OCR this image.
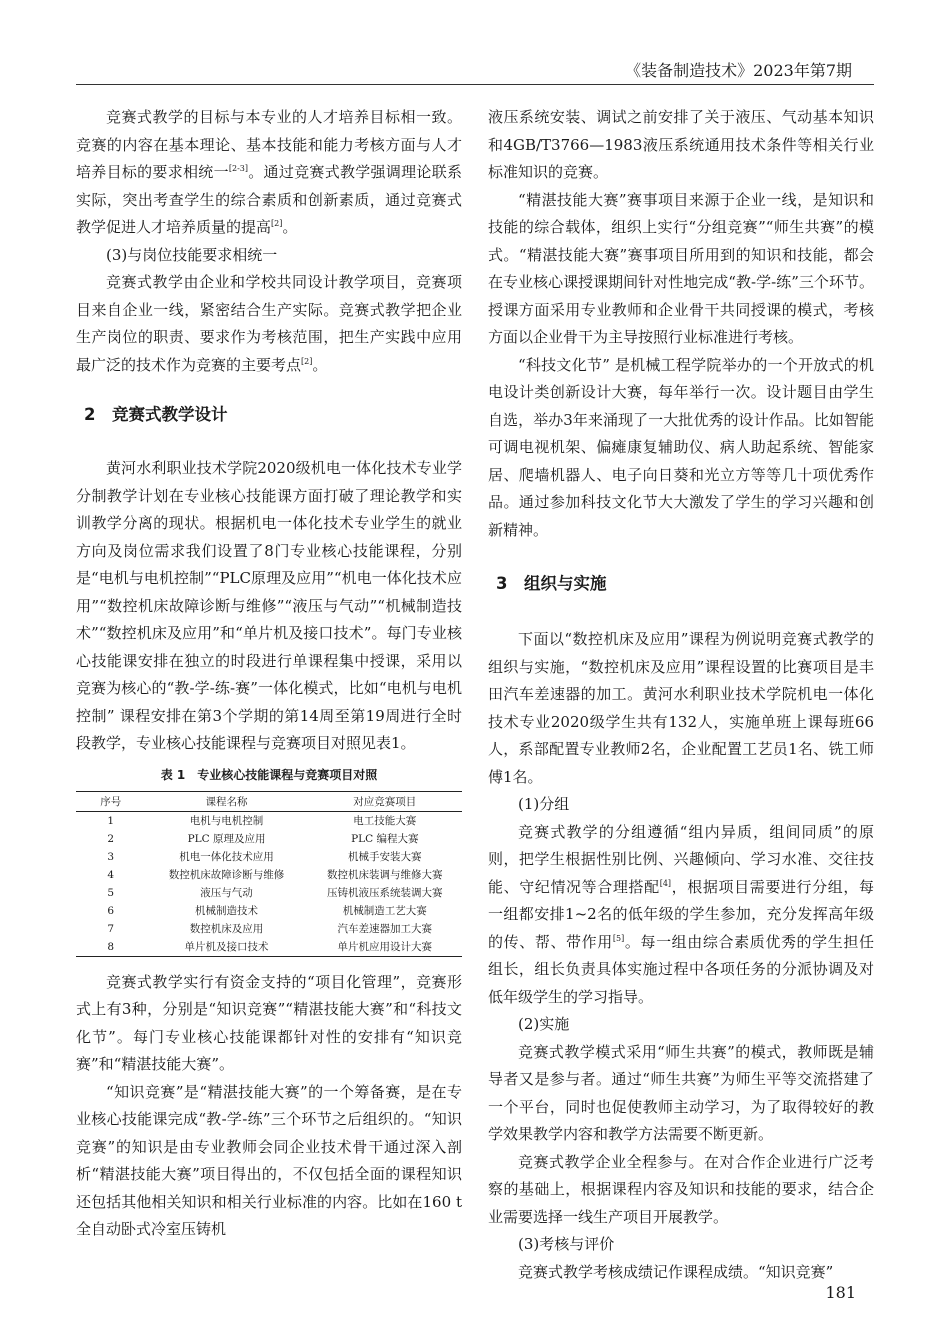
《装备制造技术》2023年第7期

竞赛式教学的目标与本专业的人才培养目标相一致。竞赛的内容在基本理论、基本技能和能力考核方面与人才培养目标的要求相统一[2-3]。通过竞赛式教学强调理论联系实际，突出考查学生的综合素质和创新素质，通过竞赛式教学促进人才培养质量的提高[2]。

(3)与岗位技能要求相统一

竞赛式教学由企业和学校共同设计教学项目，竞赛项目来自企业一线，紧密结合生产实际。竞赛式教学把企业生产岗位的职责、要求作为考核范围，把生产实践中应用最广泛的技术作为竞赛的主要考点[2]。

2　竞赛式教学设计

黄河水利职业技术学院2020级机电一体化技术专业学分制教学计划在专业核心技能课方面打破了理论教学和实训教学分离的现状。根据机电一体化技术专业学生的就业方向及岗位需求我们设置了8门专业核心技能课程，分别是“电机与电机控制”“PLC原理及应用”“机电一体化技术应用”“数控机床故障诊断与维修”“液压与气动”“机械制造技术”“数控机床及应用”和“单片机及接口技术”。每门专业核心技能课安排在独立的时段进行单课程集中授课，采用以竞赛为核心的“教-学-练-赛”一体化模式，比如“电机与电机控制” 课程安排在第3个学期的第14周至第19周进行全时段教学，专业核心技能课程与竞赛项目对照见表1。

表 1　专业核心技能课程与竞赛项目对照
序号	课程名称	对应竞赛项目
1	电机与电机控制	电工技能大赛
2	PLC 原理及应用	PLC 编程大赛
3	机电一体化技术应用	机械手安装大赛
4	数控机床故障诊断与维修	数控机床装调与维修大赛
5	液压与气动	压铸机液压系统装调大赛
6	机械制造技术	机械制造工艺大赛
7	数控机床及应用	汽车差速器加工大赛
8	单片机及接口技术	单片机应用设计大赛

竞赛式教学实行有资金支持的“项目化管理”，竞赛形式上有3种，分别是“知识竞赛”“精湛技能大赛”和“科技文化节”。每门专业核心技能课都针对性的安排有“知识竞赛”和“精湛技能大赛”。

“知识竞赛”是“精湛技能大赛”的一个筹备赛，是在专业核心技能课完成“教-学-练”三个环节之后组织的。“知识竞赛”的知识是由专业教师会同企业技术骨干通过深入剖析“精湛技能大赛”项目得出的，不仅包括全面的课程知识还包括其他相关知识和相关行业标准的内容。比如在160 t全自动卧式冷室压铸机

液压系统安装、调试之前安排了关于液压、气动基本知识和4GB/T3766—1983液压系统通用技术条件等相关行业标准知识的竞赛。

“精湛技能大赛”赛事项目来源于企业一线，是知识和技能的综合载体，组织上实行“分组竞赛”“师生共赛”的模式。“精湛技能大赛”赛事项目所用到的知识和技能，都会在专业核心课授课期间针对性地完成“教-学-练”三个环节。授课方面采用专业教师和企业骨干共同授课的模式，考核方面以企业骨干为主导按照行业标准进行考核。

“科技文化节” 是机械工程学院举办的一个开放式的机电设计类创新设计大赛，每年举行一次。设计题目由学生自选，举办3年来涌现了一大批优秀的设计作品。比如智能可调电视机架、偏瘫康复辅助仪、病人助起系统、智能家居、爬墙机器人、电子向日葵和光立方等等几十项优秀作品。通过参加科技文化节大大激发了学生的学习兴趣和创新精神。

3　组织与实施

下面以“数控机床及应用”课程为例说明竞赛式教学的组织与实施，“数控机床及应用”课程设置的比赛项目是丰田汽车差速器的加工。黄河水利职业技术学院机电一体化技术专业2020级学生共有132人，实施单班上课每班66人，系部配置专业教师2名，企业配置工艺员1名、铣工师傅1名。

(1)分组

竞赛式教学的分组遵循“组内异质，组间同质”的原则，把学生根据性别比例、兴趣倾向、学习水准、交往技能、守纪情况等合理搭配[4]，根据项目需要进行分组，每一组都安排1~2名的低年级的学生参加，充分发挥高年级的传、帮、带作用[5]。每一组由综合素质优秀的学生担任组长，组长负责具体实施过程中各项任务的分派协调及对低年级学生的学习指导。

(2)实施

竞赛式教学模式采用“师生共赛”的模式，教师既是辅导者又是参与者。通过“师生共赛”为师生平等交流搭建了一个平台，同时也促使教师主动学习，为了取得较好的教学效果教学内容和教学方法需要不断更新。

竞赛式教学企业全程参与。在对合作企业进行广泛考察的基础上，根据课程内容及知识和技能的要求，结合企业需要选择一线生产项目开展教学。

(3)考核与评价

竞赛式教学考核成绩记作课程成绩。“知识竞赛”

181
